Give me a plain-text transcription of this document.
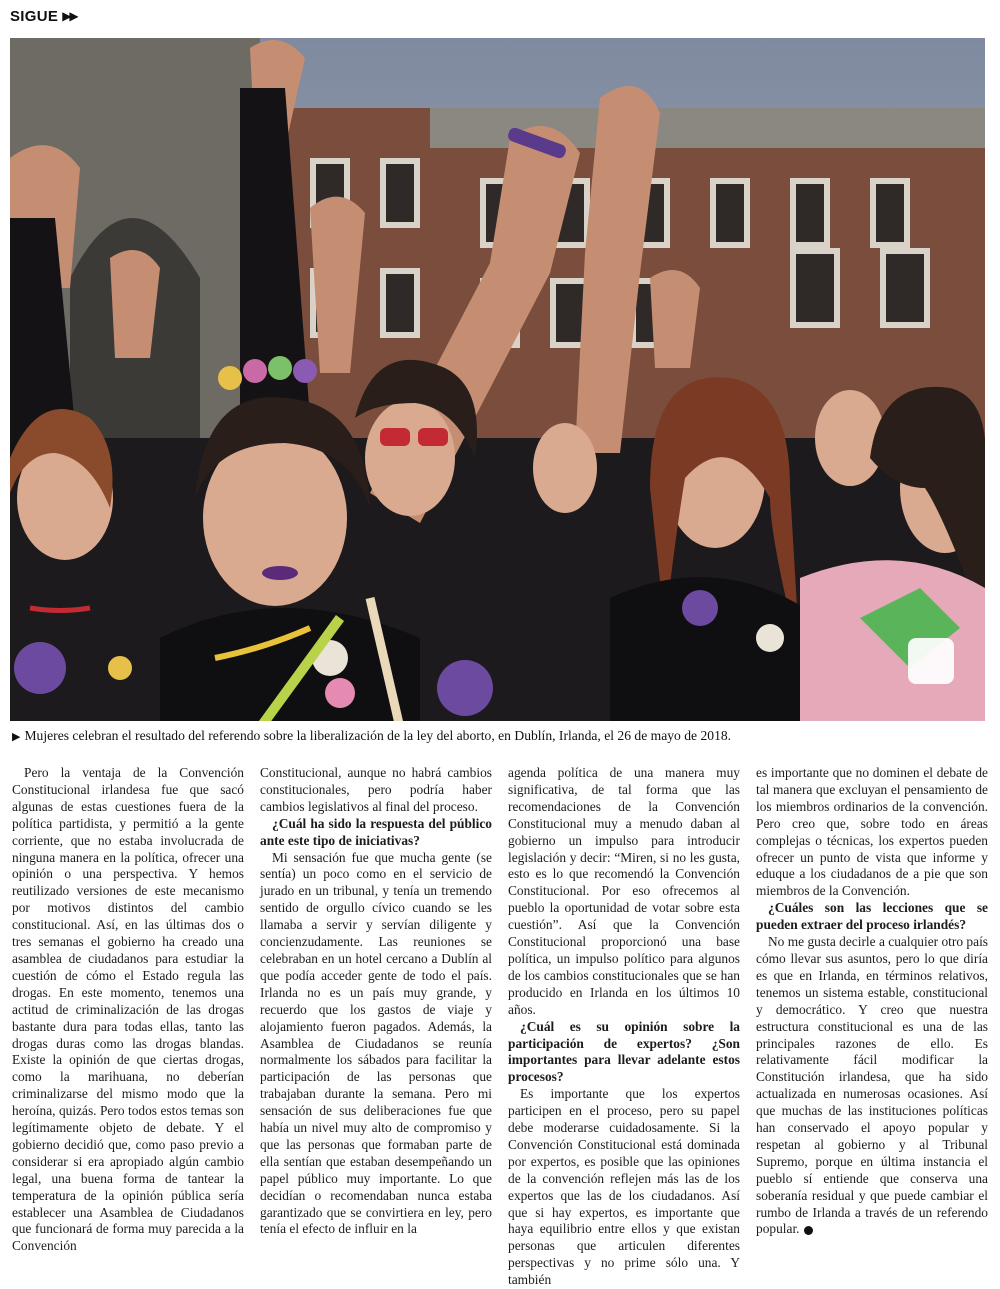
SIGUE ▶▶
▶ Mujeres celebran el resultado del referendo sobre la liberalización de la ley del aborto, en Dublín, Irlanda, el 26 de mayo de 2018.

Pero la ventaja de la Convención Constitucional irlandesa fue que sacó algunas de estas cuestiones fuera de la política partidista, y permitió a la gente corriente, que no estaba involucrada de ninguna manera en la política, ofrecer una opinión o una perspectiva. Y hemos reutilizado versiones de este mecanismo por motivos distintos del cambio constitucional. Así, en las últimas dos o tres semanas el gobierno ha creado una asamblea de ciudadanos para estudiar la cuestión de cómo el Estado regula las drogas. En este momento, tenemos una actitud de criminalización de las drogas bastante dura para todas ellas, tanto las drogas duras como las drogas blandas. Existe la opinión de que ciertas drogas, como la marihuana, no deberían criminalizarse del mismo modo que la heroína, quizás. Pero todos estos temas son legítimamente objeto de debate. Y el gobierno decidió que, como paso previo a considerar si era apropiado algún cambio legal, una buena forma de tantear la temperatura de la opinión pública sería establecer una Asamblea de Ciudadanos que funcionará de forma muy parecida a la Convención

Constitucional, aunque no habrá cambios constitucionales, pero podría haber cambios legislativos al final del proceso.

¿Cuál ha sido la respuesta del público ante este tipo de iniciativas?

Mi sensación fue que mucha gente (se sentía) un poco como en el servicio de jurado en un tribunal, y tenía un tremendo sentido de orgullo cívico cuando se les llamaba a servir y servían diligente y concienzudamente. Las reuniones se celebraban en un hotel cercano a Dublín al que podía acceder gente de todo el país. Irlanda no es un país muy grande, y recuerdo que los gastos de viaje y alojamiento fueron pagados. Además, la Asamblea de Ciudadanos se reunía normalmente los sábados para facilitar la participación de las personas que trabajaban durante la semana. Pero mi sensación de sus deliberaciones fue que había un nivel muy alto de compromiso y que las personas que formaban parte de ella sentían que estaban desempeñando un papel público muy importante. Lo que decidían o recomendaban nunca estaba garantizado que se convirtiera en ley, pero tenía el efecto de influir en la

agenda política de una manera muy significativa, de tal forma que las recomendaciones de la Convención Constitucional muy a menudo daban al gobierno un impulso para introducir legislación y decir: “Miren, si no les gusta, esto es lo que recomendó la Convención Constitucional. Por eso ofrecemos al pueblo la oportunidad de votar sobre esta cuestión”. Así que la Convención Constitucional proporcionó una base política, un impulso político para algunos de los cambios constitucionales que se han producido en Irlanda en los últimos 10 años.

¿Cuál es su opinión sobre la participación de expertos? ¿Son importantes para llevar adelante estos procesos?

Es importante que los expertos participen en el proceso, pero su papel debe moderarse cuidadosamente. Si la Convención Constitucional está dominada por expertos, es posible que las opiniones de la convención reflejen más las de los expertos que las de los ciudadanos. Así que si hay expertos, es importante que haya equilibrio entre ellos y que existan personas que articulen diferentes perspectivas y no prime sólo una. Y también

es importante que no dominen el debate de tal manera que excluyan el pensamiento de los miembros ordinarios de la convención. Pero creo que, sobre todo en áreas complejas o técnicas, los expertos pueden ofrecer un punto de vista que informe y eduque a los ciudadanos de a pie que son miembros de la Convención.

¿Cuáles son las lecciones que se pueden extraer del proceso irlandés?

No me gusta decirle a cualquier otro país cómo llevar sus asuntos, pero lo que diría es que en Irlanda, en términos relativos, tenemos un sistema estable, constitucional y democrático. Y creo que nuestra estructura constitucional es una de las principales razones de ello. Es relativamente fácil modificar la Constitución irlandesa, que ha sido actualizada en numerosas ocasiones. Así que muchas de las instituciones políticas han conservado el apoyo popular y respetan al gobierno y al Tribunal Supremo, porque en última instancia el pueblo sí entiende que conserva una soberanía residual y que puede cambiar el rumbo de Irlanda a través de un referendo popular.
